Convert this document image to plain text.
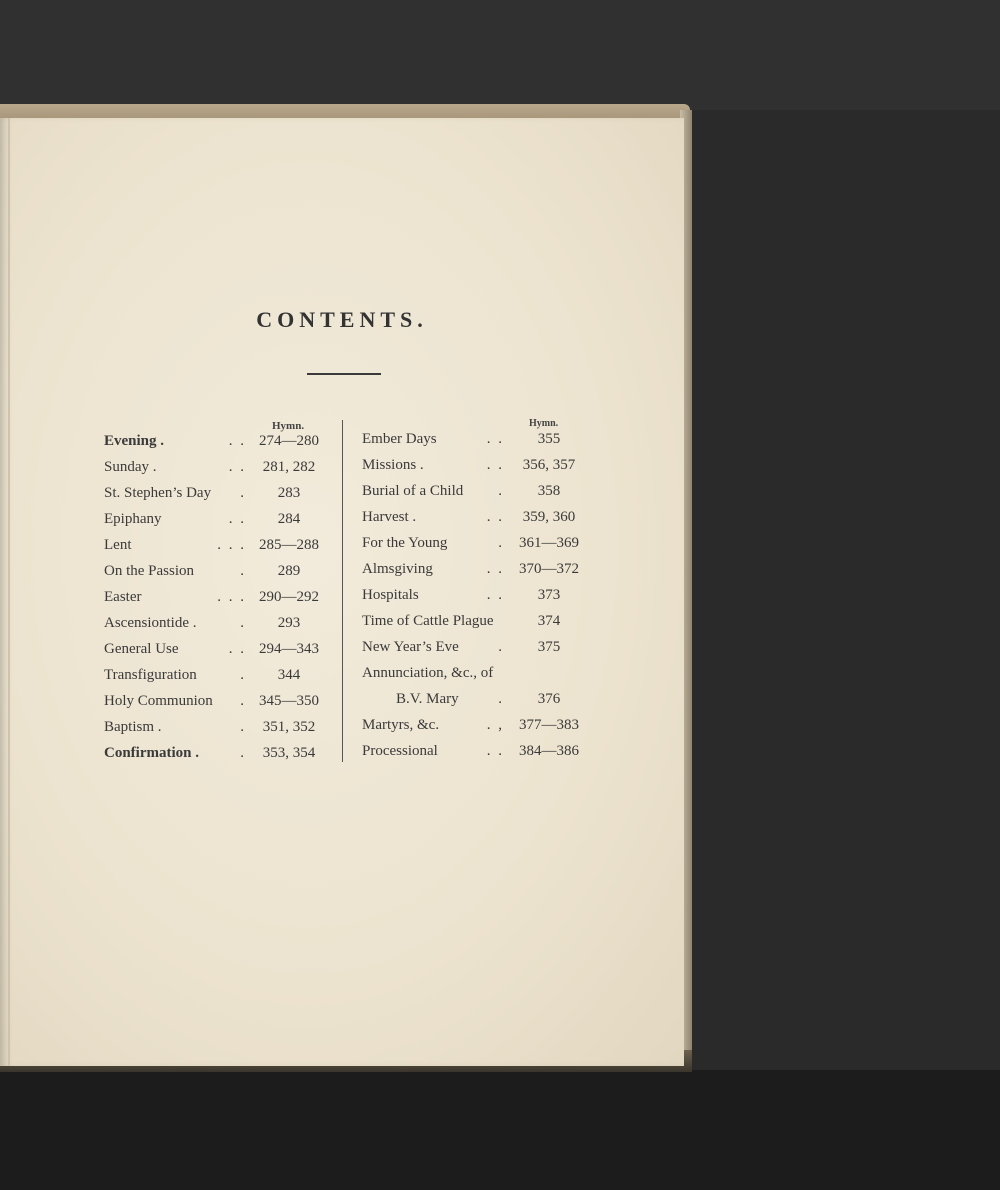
CONTENTS.
Hymn.	Hymn.
Evening .	. . 274—280
Sunday .	. .	281, 282
St. Stephen’s Day .	283
Epiphany	. .	284
Lent	. . . 285—288
On the Passion	.	289
Easter	. . . 290—292
Ascensiontide .	.	293
General Use	. . 294—343
Transfiguration	.	344
Holy Communion . 345—350
Baptism .	.	351, 352
Confirmation .	.	353, 354
Ember Days	. .	355
Missions .	. .	356, 357
Burial of a Child .	358
Harvest .	. .	359, 360
For the Young	.	361—369
Almsgiving	. .	370—372
Hospitals	. .	373
Time of Cattle Plague	374
New Year’s Eve	.	375
Annunciation, &c., of
B.V. Mary	.	376
Martyrs, &c.	. ,	377—383
Processional	. .	384—386
